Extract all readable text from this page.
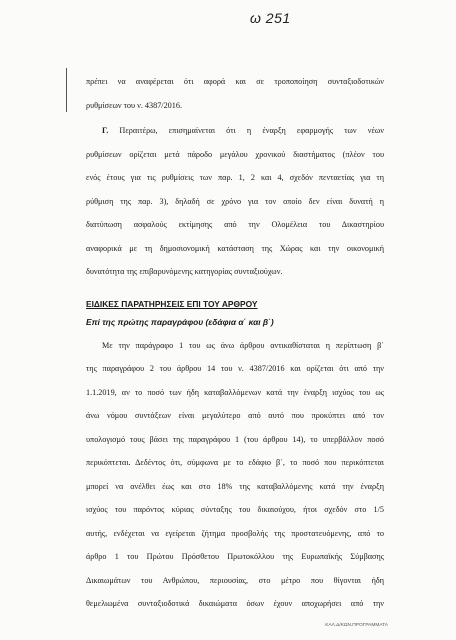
ω 251

πρέπει να αναφέρεται ότι αφορά και σε τροποποίηση συνταξιοδοτικών
ρυθμίσεων του ν. 4387/2016.

Γ. Περαιτέρω, επισημαίνεται ότι η έναρξη εφαρμογής των νέων
ρυθμίσεων ορίζεται μετά πάροδο μεγάλου χρονικού διαστήματος (πλέον του
ενός έτους για τις ρυθμίσεις των παρ. 1, 2 και 4, σχεδόν πενταετίας για τη
ρύθμιση της παρ. 3), δηλαδή σε χρόνο για τον οποίο δεν είναι δυνατή η
διατύπωση ασφαλούς εκτίμησης από την Ολομέλεια του Δικαστηρίου
αναφορικά με τη δημοσιονομική κατάσταση της Χώρας και την οικονομική
δυνατότητα της επιβαρυνόμενης κατηγορίας συνταξιούχων.

ΕΙΔΙΚΕΣ ΠΑΡΑΤΗΡΗΣΕΙΣ ΕΠΙ ΤΟΥ ΑΡΘΡΟΥ
Επί της πρώτης παραγράφου (εδάφια α΄ και β΄)

Με την παράγραφο 1 του ως άνω άρθρου αντικαθίσταται η περίπτωση β΄
της παραγράφου 2 του άρθρου 14 του ν. 4387/2016 και ορίζεται ότι από την
1.1.2019, αν το ποσό των ήδη καταβαλλόμενων κατά την έναρξη ισχύος του ως
άνω νόμου συντάξεων είναι μεγαλύτερο από αυτό που προκύπτει από τον
υπολογισμό τους βάσει της παραγράφου 1 (του άρθρου 14), το υπερβάλλον ποσό
περικόπτεται. Δεδέντος ότι, σύμφωνα με το εδάφιο β΄, το ποσό που περικόπτεται
μπορεί να ανέλθει έως και στο 18% της καταβαλλόμενης κατά την έναρξη
ισχύος του παρόντος κύριας σύνταξης του δικαιούχου, ήτοι σχεδόν στο 1/5
αυτής, ενδέχεται να εγείρεται ζήτημα προσβολής της προστατευόμενης, από το
άρθρο 1 του Πρώτου Πρόσθετου Πρωτοκόλλου της Ευρωπαϊκής Σύμβασης
Δικαιωμάτων του Ανθρώπου, περιουσίας, στο μέτρο που θίγονται ήδη
θεμελιωμένα συνταξιοδοτικά δικαιώματα όσων έχουν αποχωρήσει από την

ΚΑΛ.Δ/ΚΩΝ.ΠΡΟΓΡΑΜΜΑΤΑ
